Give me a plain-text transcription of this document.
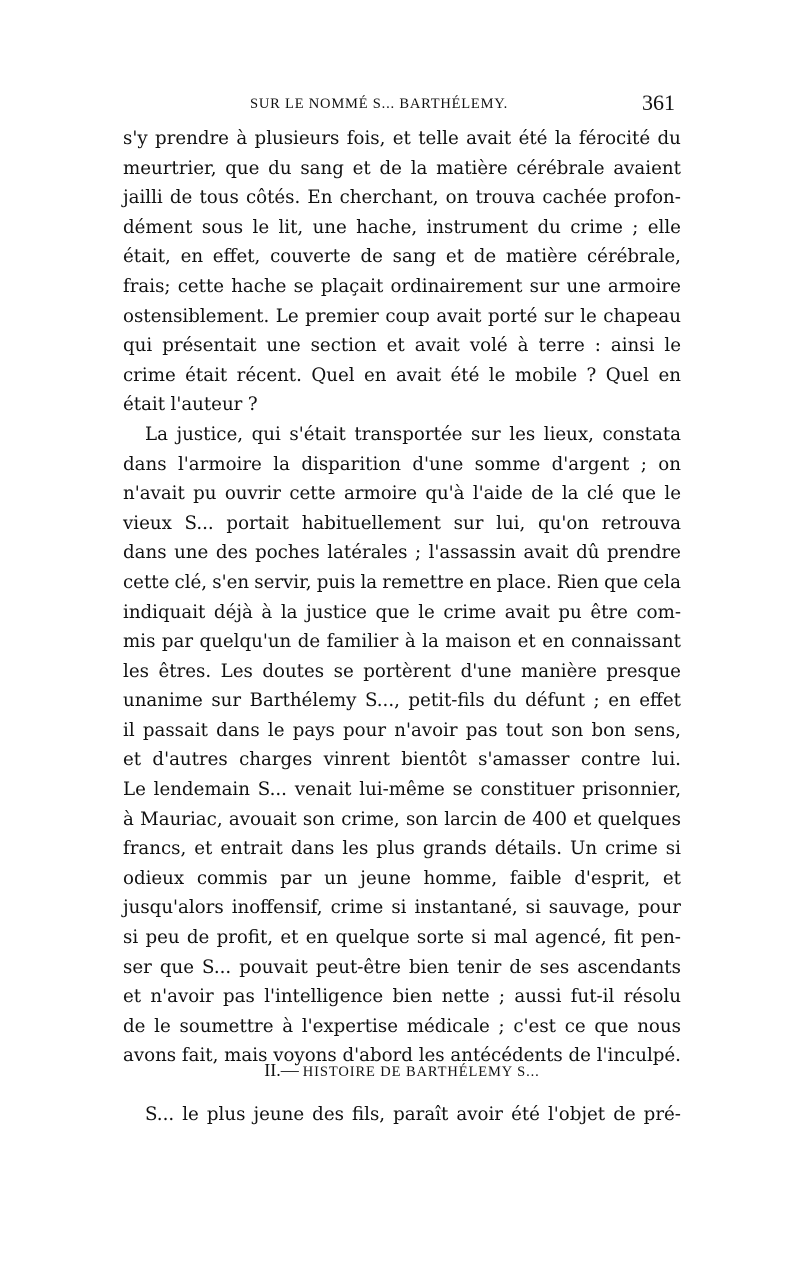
SUR LE NOMMÉ S... BARTHÉLEMY.	361
s'y prendre à plusieurs fois, et telle avait été la férocité du
meurtrier, que du sang et de la matière cérébrale avaient
jailli de tous côtés. En cherchant, on trouva cachée profon-
dément sous le lit, une hache, instrument du crime ; elle
était, en effet, couverte de sang et de matière cérébrale,
frais; cette hache se plaçait ordinairement sur une armoire
ostensiblement. Le premier coup avait porté sur le chapeau
qui présentait une section et avait volé à terre : ainsi le
crime était récent. Quel en avait été le mobile ? Quel en
était l'auteur ?
La justice, qui s'était transportée sur les lieux, constata
dans l'armoire la disparition d'une somme d'argent ; on
n'avait pu ouvrir cette armoire qu'à l'aide de la clé que le
vieux S... portait habituellement sur lui, qu'on retrouva
dans une des poches latérales ; l'assassin avait dû prendre
cette clé, s'en servir, puis la remettre en place. Rien que cela
indiquait déjà à la justice que le crime avait pu être com-
mis par quelqu'un de familier à la maison et en connaissant
les êtres. Les doutes se portèrent d'une manière presque
unanime sur Barthélemy S..., petit-fils du défunt ; en effet
il passait dans le pays pour n'avoir pas tout son bon sens,
et d'autres charges vinrent bientôt s'amasser contre lui.
Le lendemain S... venait lui-même se constituer prisonnier,
à Mauriac, avouait son crime, son larcin de 400 et quelques
francs, et entrait dans les plus grands détails. Un crime si
odieux commis par un jeune homme, faible d'esprit, et
jusqu'alors inoffensif, crime si instantané, si sauvage, pour
si peu de profit, et en quelque sorte si mal agencé, fit pen-
ser que S... pouvait peut-être bien tenir de ses ascendants
et n'avoir pas l'intelligence bien nette ; aussi fut-il résolu
de le soumettre à l'expertise médicale ; c'est ce que nous
avons fait, mais voyons d'abord les antécédents de l'inculpé.
II.— HISTOIRE DE BARTHÉLEMY S...
S... le plus jeune des fils, paraît avoir été l'objet de pré-
